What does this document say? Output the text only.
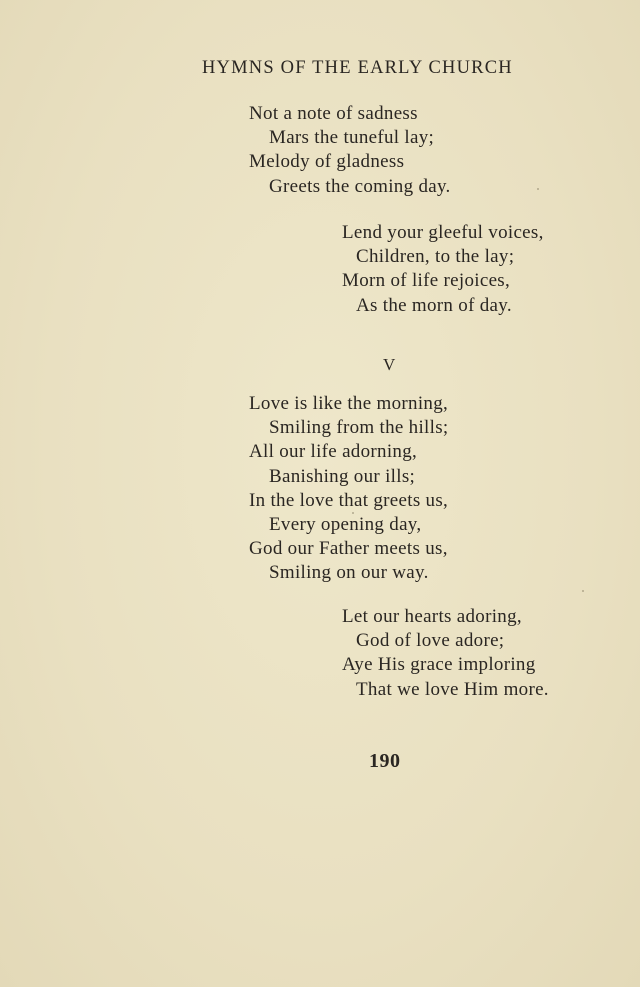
HYMNS OF THE EARLY CHURCH
Not a note of sadness
Mars the tuneful lay;
Melody of gladness
Greets the coming day.
Lend your gleeful voices,
Children, to the lay;
Morn of life rejoices,
As the morn of day.
V
Love is like the morning,
Smiling from the hills;
All our life adorning,
Banishing our ills;
In the love that greets us,
Every opening day,
God our Father meets us,
Smiling on our way.
Let our hearts adoring,
God of love adore;
Aye His grace imploring
That we love Him more.
190
